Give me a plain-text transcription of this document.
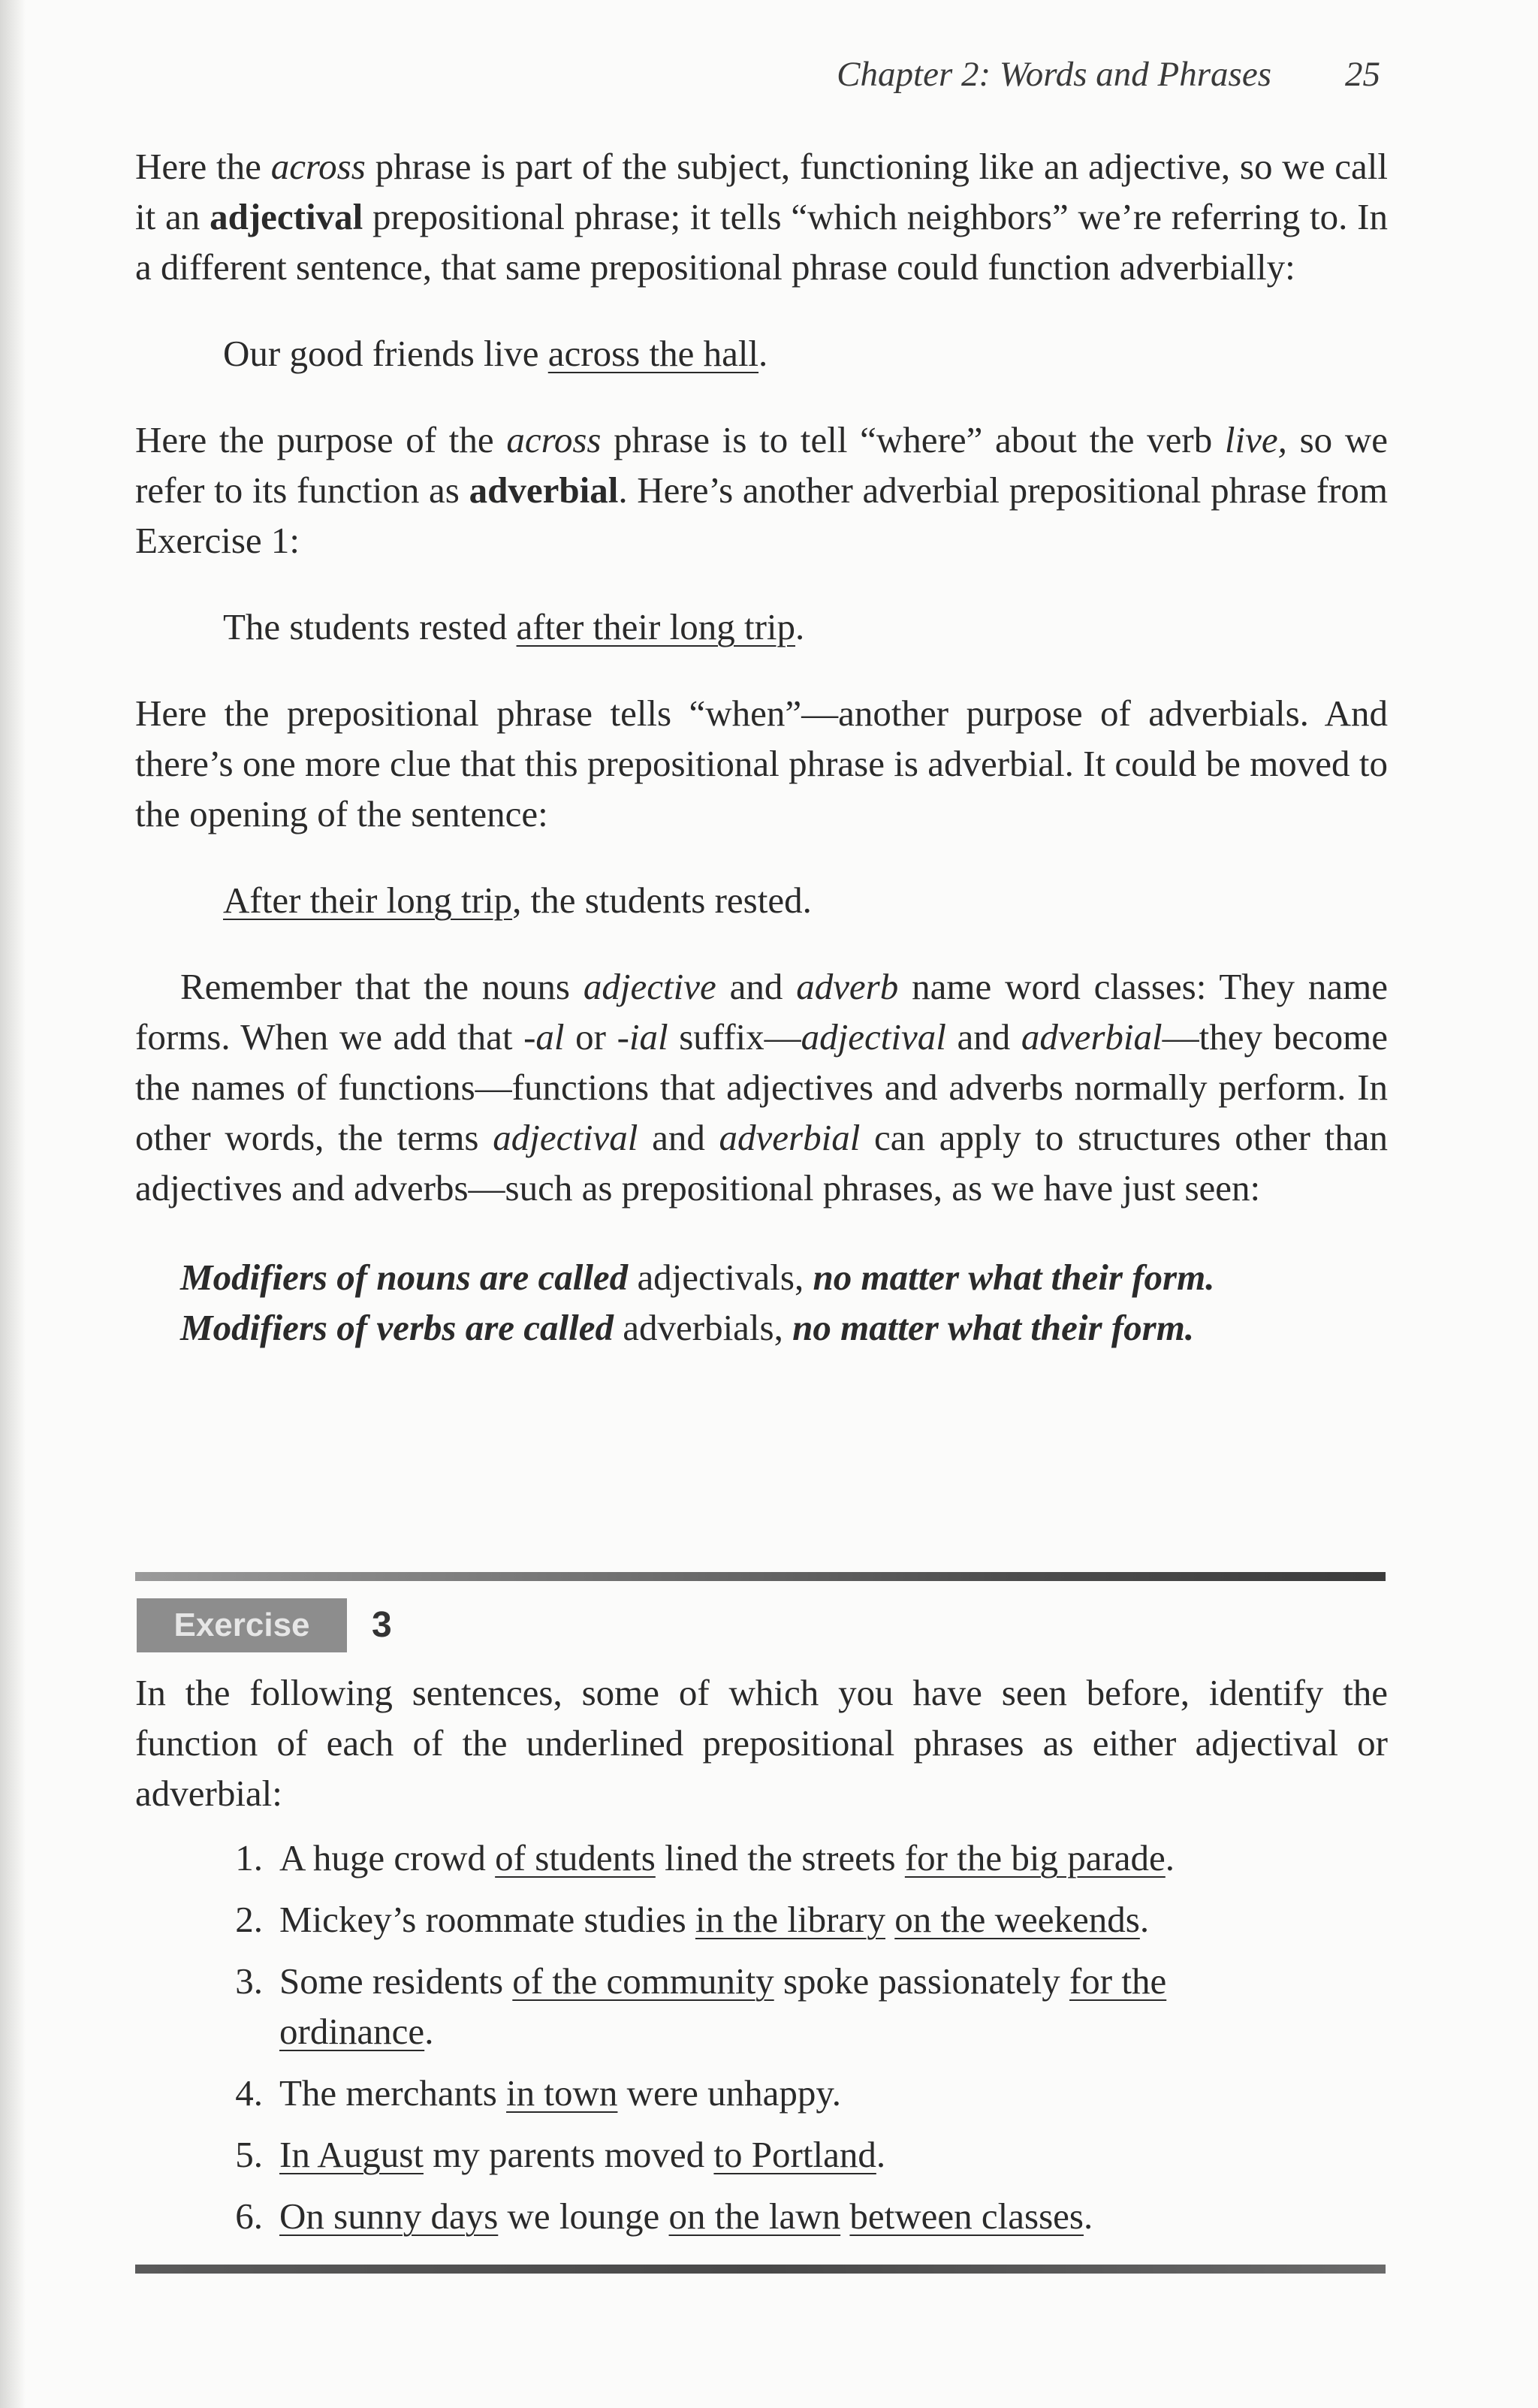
Chapter 2: Words and Phrases 25

Here the across phrase is part of the subject, functioning like an adjective, so we call it an adjectival prepositional phrase; it tells “which neighbors” we’re referring to. In a different sentence, that same prepositional phrase could function adverbially:

Our good friends live across the hall.

Here the purpose of the across phrase is to tell “where” about the verb live, so we refer to its function as adverbial. Here’s another adverbial prepositional phrase from Exercise 1:

The students rested after their long trip.

Here the prepositional phrase tells “when”—another purpose of adverbials. And there’s one more clue that this prepositional phrase is adverbial. It could be moved to the opening of the sentence:

After their long trip, the students rested.

Remember that the nouns adjective and adverb name word classes: They name forms. When we add that -al or -ial suffix—adjectival and adverbial—they become the names of functions—functions that adjectives and adverbs normally perform. In other words, the terms adjectival and adverbial can apply to structures other than adjectives and adverbs—such as prepositional phrases, as we have just seen:

Modifiers of nouns are called adjectivals, no matter what their form.

Modifiers of verbs are called adverbials, no matter what their form.

Exercise	3

In the following sentences, some of which you have seen before, identify the function of each of the underlined prepositional phrases as either adjectival or adverbial:

1. A huge crowd of students lined the streets for the big parade.
2. Mickey’s roommate studies in the library on the weekends.
3. Some residents of the community spoke passionately for the ordinance.
4. The merchants in town were unhappy.
5. In August my parents moved to Portland.
6. On sunny days we lounge on the lawn between classes.
